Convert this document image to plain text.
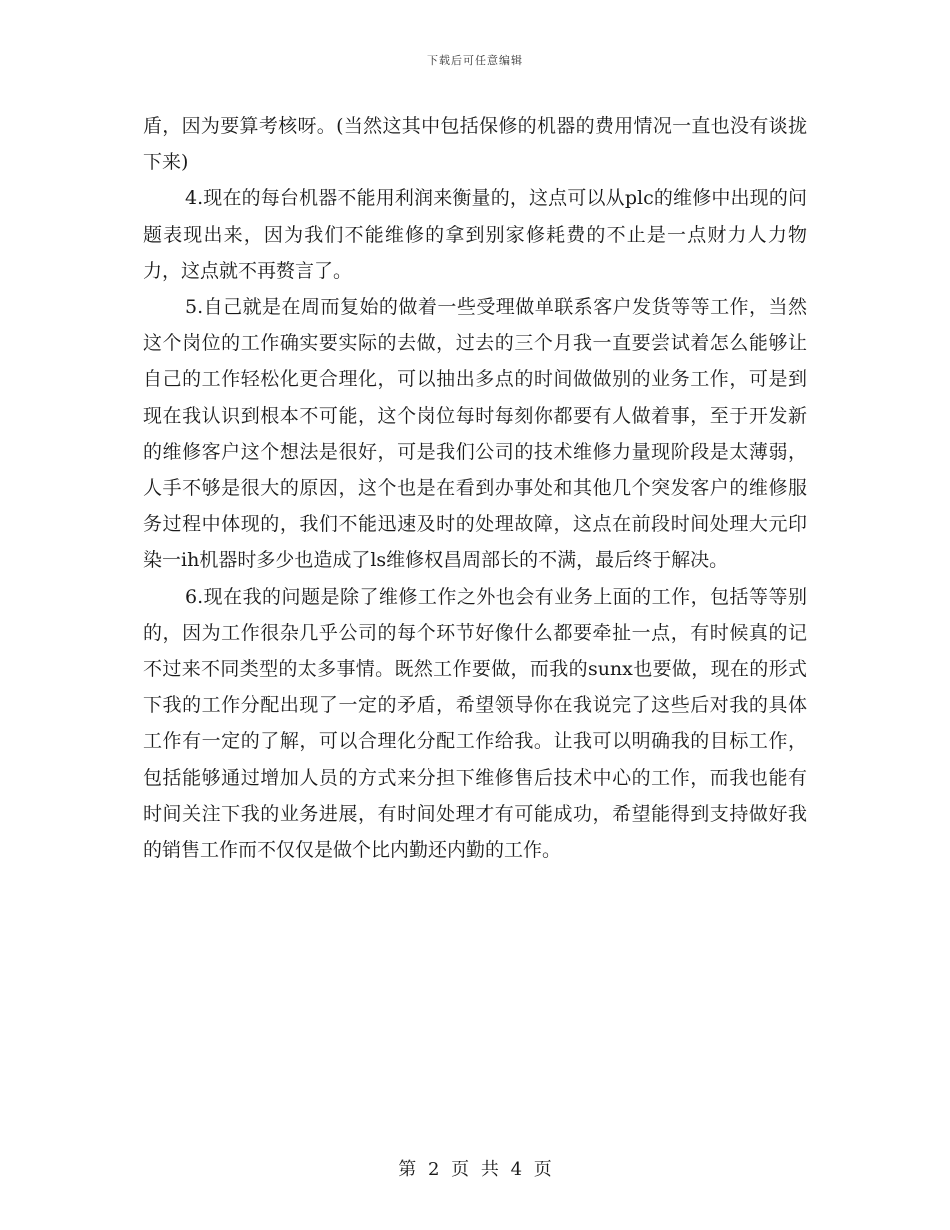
下载后可任意编辑

盾，因为要算考核呀。(当然这其中包括保修的机器的费用情况一直也没有谈拢下来)

4.现在的每台机器不能用利润来衡量的，这点可以从plc的维修中出现的问题表现出来，因为我们不能维修的拿到别家修耗费的不止是一点财力人力物力，这点就不再赘言了。

5.自己就是在周而复始的做着一些受理做单联系客户发货等等工作，当然这个岗位的工作确实要实际的去做，过去的三个月我一直要尝试着怎么能够让自己的工作轻松化更合理化，可以抽出多点的时间做做别的业务工作，可是到现在我认识到根本不可能，这个岗位每时每刻你都要有人做着事，至于开发新的维修客户这个想法是很好，可是我们公司的技术维修力量现阶段是太薄弱，人手不够是很大的原因，这个也是在看到办事处和其他几个突发客户的维修服务过程中体现的，我们不能迅速及时的处理故障，这点在前段时间处理大元印染一ih机器时多少也造成了ls维修权昌周部长的不满，最后终于解决。

6.现在我的问题是除了维修工作之外也会有业务上面的工作，包括等等别的，因为工作很杂几乎公司的每个环节好像什么都要牵扯一点，有时候真的记不过来不同类型的太多事情。既然工作要做，而我的sunx也要做，现在的形式下我的工作分配出现了一定的矛盾，希望领导你在我说完了这些后对我的具体工作有一定的了解，可以合理化分配工作给我。让我可以明确我的目标工作，包括能够通过增加人员的方式来分担下维修售后技术中心的工作，而我也能有时间关注下我的业务进展，有时间处理才有可能成功，希望能得到支持做好我的销售工作而不仅仅是做个比内勤还内勤的工作。

第 2 页 共 4 页
